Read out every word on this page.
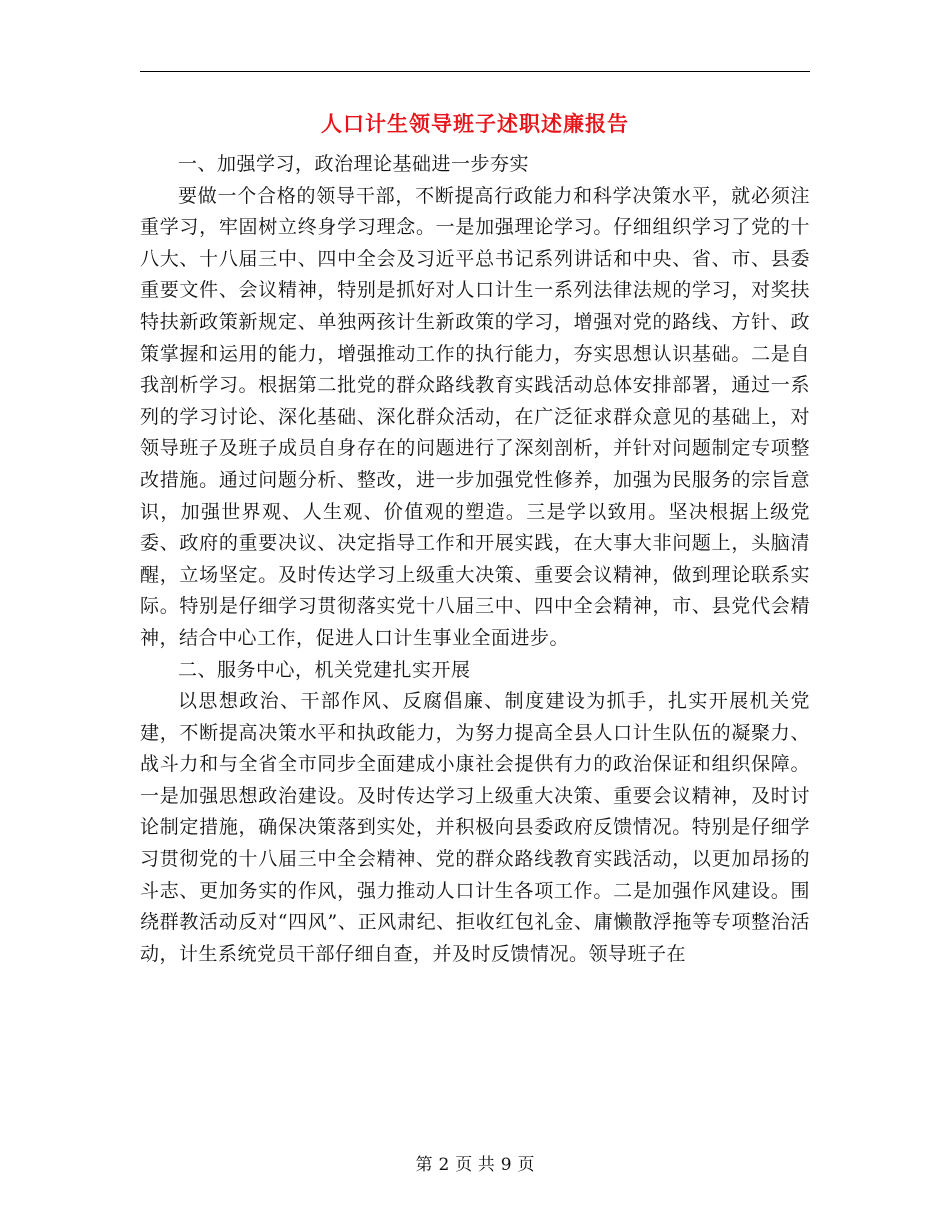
人口计生领导班子述职述廉报告

一、加强学习，政治理论基础进一步夯实

要做一个合格的领导干部，不断提高行政能力和科学决策水平，就必须注重学习，牢固树立终身学习理念。一是加强理论学习。仔细组织学习了党的十八大、十八届三中、四中全会及习近平总书记系列讲话和中央、省、市、县委重要文件、会议精神，特别是抓好对人口计生一系列法律法规的学习，对奖扶特扶新政策新规定、单独两孩计生新政策的学习，增强对党的路线、方针、政策掌握和运用的能力，增强推动工作的执行能力，夯实思想认识基础。二是自我剖析学习。根据第二批党的群众路线教育实践活动总体安排部署，通过一系列的学习讨论、深化基础、深化群众活动，在广泛征求群众意见的基础上，对领导班子及班子成员自身存在的问题进行了深刻剖析，并针对问题制定专项整改措施。通过问题分析、整改，进一步加强党性修养，加强为民服务的宗旨意识，加强世界观、人生观、价值观的塑造。三是学以致用。坚决根据上级党委、政府的重要决议、决定指导工作和开展实践，在大事大非问题上，头脑清醒，立场坚定。及时传达学习上级重大决策、重要会议精神，做到理论联系实际。特别是仔细学习贯彻落实党十八届三中、四中全会精神，市、县党代会精神，结合中心工作，促进人口计生事业全面进步。

二、服务中心，机关党建扎实开展

以思想政治、干部作风、反腐倡廉、制度建设为抓手，扎实开展机关党建，不断提高决策水平和执政能力，为努力提高全县人口计生队伍的凝聚力、战斗力和与全省全市同步全面建成小康社会提供有力的政治保证和组织保障。一是加强思想政治建设。及时传达学习上级重大决策、重要会议精神，及时讨论制定措施，确保决策落到实处，并积极向县委政府反馈情况。特别是仔细学习贯彻党的十八届三中全会精神、党的群众路线教育实践活动，以更加昂扬的斗志、更加务实的作风，强力推动人口计生各项工作。二是加强作风建设。围绕群教活动反对“四风”、正风肃纪、拒收红包礼金、庸懒散浮拖等专项整治活动，计生系统党员干部仔细自查，并及时反馈情况。领导班子在

第 2 页 共 9 页
